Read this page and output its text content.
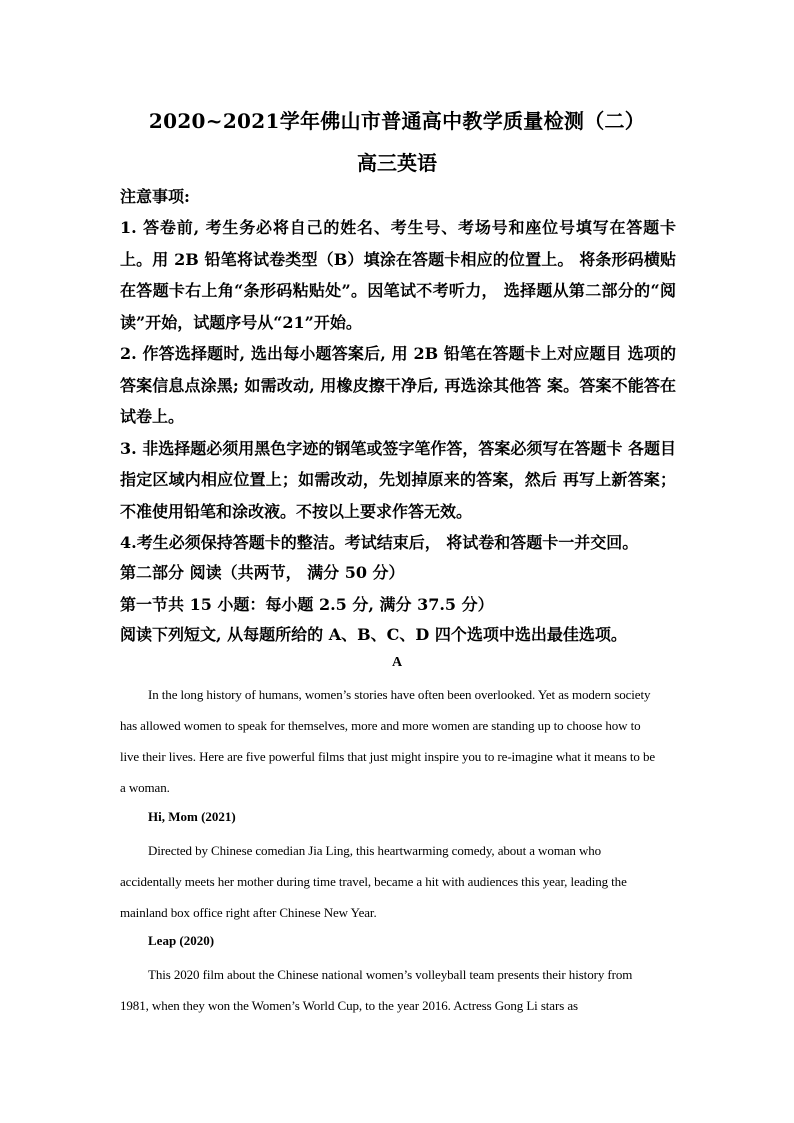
2020~2021学年佛山市普通高中教学质量检测（二）
高三英语
注意事项:

1. 答卷前, 考生务必将自己的姓名、考生号、考场号和座位号填写在答题卡上。用 2B 铅笔将试卷类型（B）填涂在答题卡相应的位置上。 将条形码横贴在答题卡右上角“条形码粘贴处”。因笔试不考听力， 选择题从第二部分的“阅读”开始，试题序号从“21”开始。

2. 作答选择题时, 选出每小题答案后, 用 2B 铅笔在答题卡上对应题目 选项的答案信息点涂黑; 如需改动, 用橡皮擦干净后, 再选涂其他答 案。答案不能答在试卷上。

3. 非选择题必须用黑色字迹的钢笔或签字笔作答，答案必须写在答题卡 各题目指定区域内相应位置上；如需改动，先划掉原来的答案，然后 再写上新答案；不准使用铅笔和涂改液。不按以上要求作答无效。

4.考生必须保持答题卡的整洁。考试结束后， 将试卷和答题卡一并交回。

第二部分 阅读（共两节， 满分 50 分）
第一节共 15 小题：每小题 2.5 分, 满分 37.5 分）
阅读下列短文, 从每题所给的 A、B、C、D 四个选项中选出最佳选项。
A

In the long history of humans, women’s stories have often been overlooked. Yet as modern society has allowed women to speak for themselves, more and more women are standing up to choose how to live their lives. Here are five powerful films that just might inspire you to re-imagine what it means to be a woman.

Hi, Mom (2021)

Directed by Chinese comedian Jia Ling, this heartwarming comedy, about a woman who accidentally meets her mother during time travel, became a hit with audiences this year, leading the mainland box office right after Chinese New Year.

Leap (2020)

This 2020 film about the Chinese national women’s volleyball team presents their history from 1981, when they won the Women’s World Cup, to the year 2016. Actress Gong Li stars as
